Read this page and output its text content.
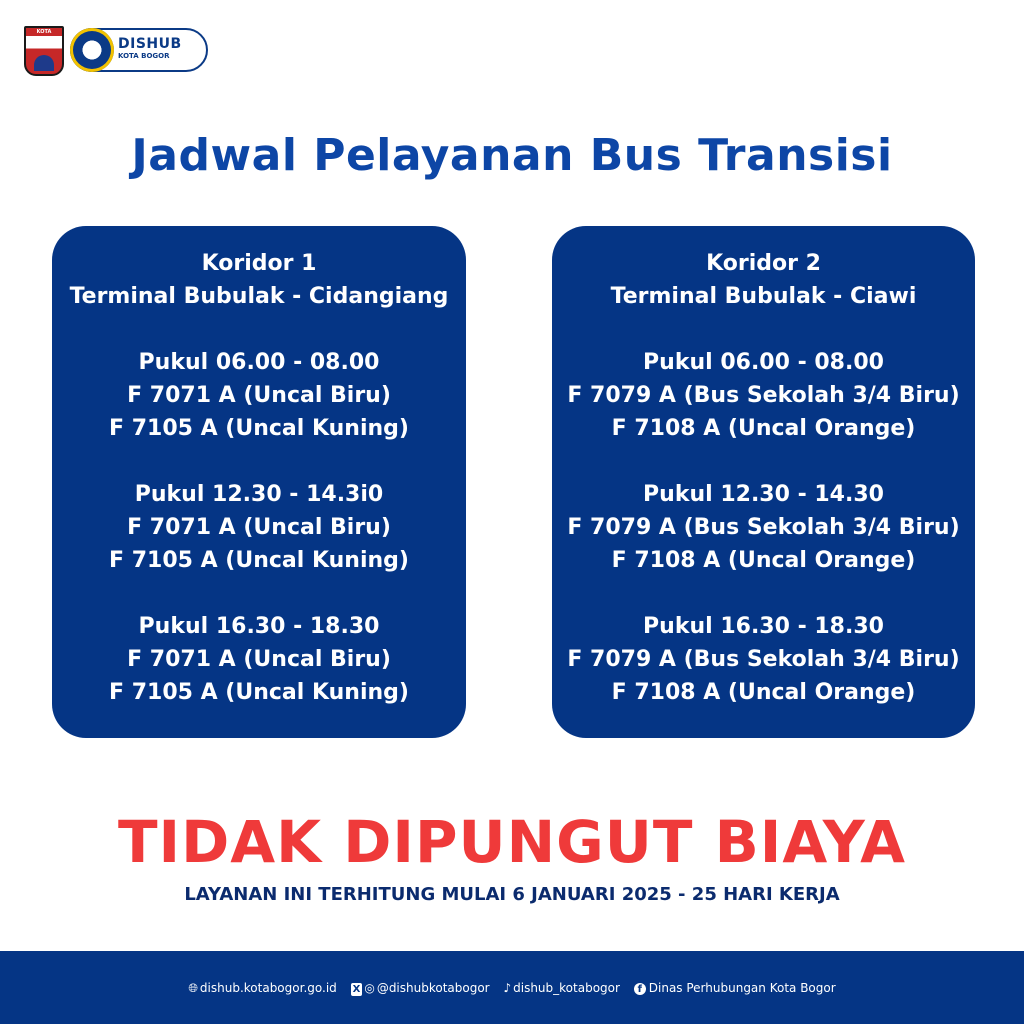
KOTA BOGOR	DISHUB
KOTA BOGOR
Jadwal Pelayanan Bus Transisi
Koridor 1
Terminal Bubulak - Cidangiang
Pukul 06.00 - 08.00
F 7071 A (Uncal Biru)
F 7105 A (Uncal Kuning)
Pukul 12.30 - 14.3i0
F 7071 A (Uncal Biru)
F 7105 A (Uncal Kuning)
Pukul 16.30 - 18.30
F 7071 A (Uncal Biru)
F 7105 A (Uncal Kuning)
Koridor 2
Terminal Bubulak - Ciawi
Pukul 06.00 - 08.00
F 7079 A (Bus Sekolah 3/4 Biru)
F 7108 A (Uncal Orange)
Pukul 12.30 - 14.30
F 7079 A (Bus Sekolah 3/4 Biru)
F 7108 A (Uncal Orange)
Pukul 16.30 - 18.30
F 7079 A (Bus Sekolah 3/4 Biru)
F 7108 A (Uncal Orange)
TIDAK DIPUNGUT BIAYA
LAYANAN INI TERHITUNG MULAI 6 JANUARI 2025 - 25 HARI KERJA
🌐︎ dishub.kotabogor.go.id X ◎ @dishubkotabogor ♪ dishub_kotabogor f Dinas Perhubungan Kota Bogor
